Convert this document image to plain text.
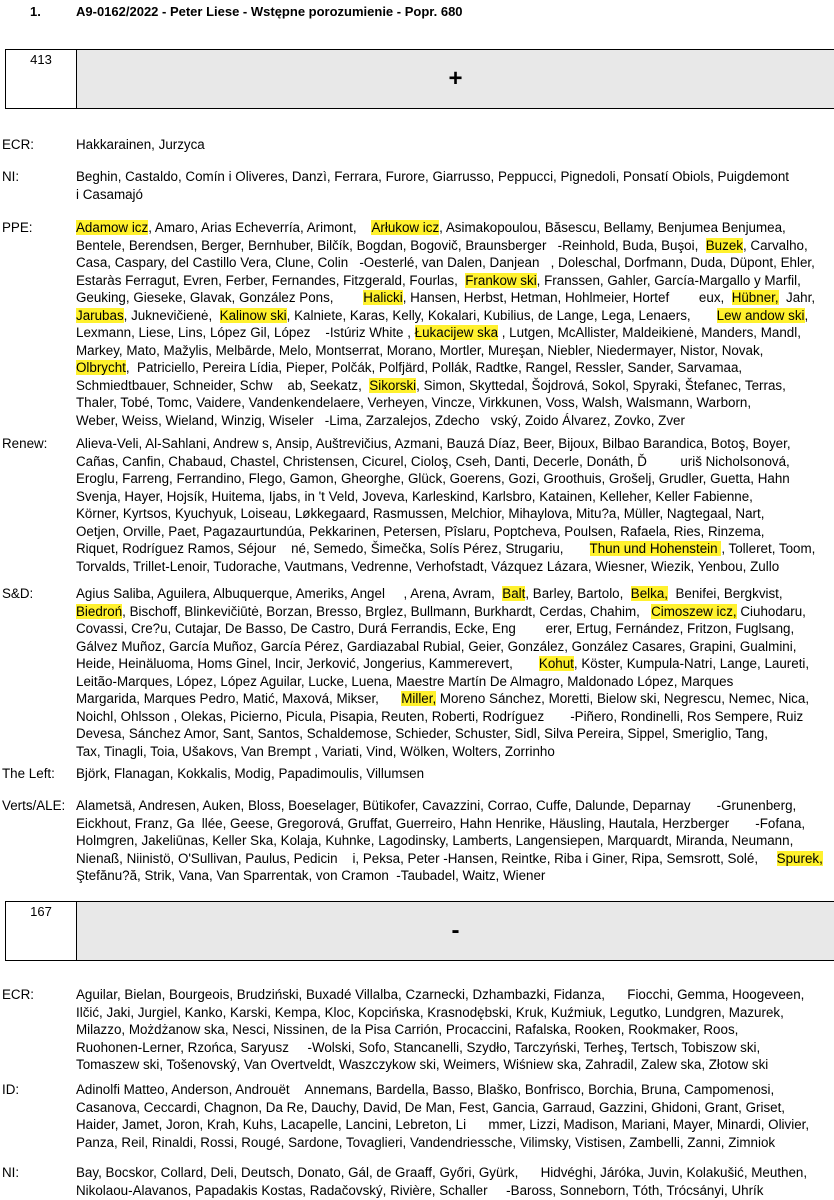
1.	A9-0162/2022 - Peter Liese - Wstępne porozumienie - Popr. 680
413
+
ECR:	Hakkarainen, Jurzyca
NI:	Beghin, Castaldo, Comín i Oliveres, Danzì, Ferrara, Furore, Giarrusso, Peppucci, Pignedoli, Ponsatí Obiols, Puigdemont
i Casamajó
PPE:	Adamow icz, Amaro, Arias Echeverría, Arimont,    Arłukow icz, Asimakopoulou, Băsescu, Bellamy, Benjumea Benjumea,
Bentele, Berendsen, Berger, Bernhuber, Bilčík, Bogdan, Bogovič, Braunsberger   -Reinhold, Buda, Buşoi,  Buzek, Carvalho,
Casa, Caspary, del Castillo Vera, Clune, Colin   -Oesterlé, van Dalen, Danjean   , Doleschal, Dorfmann, Duda, Düpont, Ehler,
Estaràs Ferragut, Evren, Ferber, Fernandes, Fitzgerald, Fourlas,  Frankow ski, Franssen, Gahler, García-Margallo y Marfil,
Geuking, Gieseke, Glavak, González Pons,        Halicki, Hansen, Herbst, Hetman, Hohlmeier, Hortef        eux,  Hübner,  Jahr,
Jarubas, Juknevičienė,  Kalinow ski, Kalniete, Karas, Kelly, Kokalari, Kubilius, de Lange, Lega, Lenaers,       Lew andow ski,
Lexmann, Liese, Lins, López Gil, López    -Istúriz White , Łukacijew ska , Lutgen, McAllister, Maldeikienė, Manders, Mandl,
Markey, Mato, Mažylis, Melbārde, Melo, Montserrat, Morano, Mortler, Mureşan, Niebler, Niedermayer, Nistor, Novak,
Olbrycht,  Patriciello, Pereira Lídia, Pieper, Polčák, Polfjärd, Pollák, Radtke, Rangel, Ressler, Sander, Sarvamaa,
Schmiedtbauer, Schneider, Schw    ab, Seekatz,  Sikorski, Simon, Skyttedal, Šojdrová, Sokol, Spyraki, Štefanec, Terras,
Thaler, Tobé, Tomc, Vaidere, Vandenkendelaere, Verheyen, Vincze, Virkkunen, Voss, Walsh, Walsmann, Warborn,
Weber, Weiss, Wieland, Winzig, Wiseler   -Lima, Zarzalejos, Zdecho   vský, Zoido Álvarez, Zovko, Zver
Renew:	Alieva-Veli, Al-Sahlani, Andrew s, Ansip, Auštrevičius, Azmani, Bauzá Díaz, Beer, Bijoux, Bilbao Barandica, Botoş, Boyer,
Cañas, Canfin, Chabaud, Chastel, Christensen, Cicurel, Cioloş, Cseh, Danti, Decerle, Donáth, Ď         uriš Nicholsonová,
Eroglu, Farreng, Ferrandino, Flego, Gamon, Gheorghe, Glück, Goerens, Gozi, Groothuis, Grošelj, Grudler, Guetta, Hahn
Svenja, Hayer, Hojsík, Huitema, Ijabs, in 't Veld, Joveva, Karleskind, Karlsbro, Katainen, Kelleher, Keller Fabienne,
Körner, Kyrtsos, Kyuchyuk, Loiseau, Løkkegaard, Rasmussen, Melchior, Mihaylova, Mitu?a, Müller, Nagtegaal, Nart,
Oetjen, Orville, Paet, Pagazaurtundúa, Pekkarinen, Petersen, Pîslaru, Poptcheva, Poulsen, Rafaela, Ries, Rinzema,
Riquet, Rodríguez Ramos, Séjour    né, Semedo, Šimečka, Solís Pérez, Strugariu,       Thun und Hohenstein , Tolleret, Toom,
Torvalds, Trillet-Lenoir, Tudorache, Vautmans, Vedrenne, Verhofstadt, Vázquez Lázara, Wiesner, Wiezik, Yenbou, Zullo
S&D:	Agius Saliba, Aguilera, Albuquerque, Ameriks, Angel     , Arena, Avram,  Balt, Barley, Bartolo,  Belka,  Benifei, Bergkvist,
Biedroń, Bischoff, Blinkevičiūtė, Borzan, Bresso, Brglez, Bullmann, Burkhardt, Cerdas, Chahim,   Cimoszew icz, Ciuhodaru,
Covassi, Cre?u, Cutajar, De Basso, De Castro, Durá Ferrandis, Ecke, Eng        erer, Ertug, Fernández, Fritzon, Fuglsang,
Gálvez Muñoz, García Muñoz, García Pérez, Gardiazabal Rubial, Geier, González, González Casares, Grapini, Gualmini,
Heide, Heinäluoma, Homs Ginel, Incir, Jerković, Jongerius, Kammerevert,       Kohut, Köster, Kumpula-Natri, Lange, Laureti,
Leitão-Marques, López, López Aguilar, Lucke, Luena, Maestre Martín De Almagro, Maldonado López, Marques
Margarida, Marques Pedro, Matić, Maxová, Mikser,      Miller, Moreno Sánchez, Moretti, Bielow ski, Negrescu, Nemec, Nica,
Noichl, Ohlsson , Olekas, Picierno, Picula, Pisapia, Reuten, Roberti, Rodríguez       -Piñero, Rondinelli, Ros Sempere, Ruiz
Devesa, Sánchez Amor, Sant, Santos, Schaldemose, Schieder, Schuster, Sidl, Silva Pereira, Sippel, Smeriglio, Tang,
Tax, Tinagli, Toia, Ušakovs, Van Brempt , Variati, Vind, Wölken, Wolters, Zorrinho
The Left:	Björk, Flanagan, Kokkalis, Modig, Papadimoulis, Villumsen
Verts/ALE: Alametsä, Andresen, Auken, Bloss, Boeselager, Bütikofer, Cavazzini, Corrao, Cuffe, Dalunde, Deparnay       -Grunenberg,
Eickhout, Franz, Ga  llée, Geese, Gregorová, Gruffat, Guerreiro, Hahn Henrike, Häusling, Hautala, Herzberger       -Fofana,
Holmgren, Jakeliūnas, Keller Ska, Kolaja, Kuhnke, Lagodinsky, Lamberts, Langensiepen, Marquardt, Miranda, Neumann,
Nienaß, Niinistö, O'Sullivan, Paulus, Pedicin    i, Peksa, Peter -Hansen, Reintke, Riba i Giner, Ripa, Semsrott, Solé,     Spurek,
Ştefănu?ă, Strik, Vana, Van Sparrentak, von Cramon  -Taubadel, Waitz, Wiener
167
-
ECR:	Aguilar, Bielan, Bourgeois, Brudziński, Buxadé Villalba, Czarnecki, Dzhambazki, Fidanza,      Fiocchi, Gemma, Hoogeveen,
Ilčić, Jaki, Jurgiel, Kanko, Karski, Kempa, Kloc, Kopcińska, Krasnodębski, Kruk, Kuźmiuk, Legutko, Lundgren, Mazurek,
Milazzo, Możdżanow ska, Nesci, Nissinen, de la Pisa Carrión, Procaccini, Rafalska, Rooken, Rookmaker, Roos,
Ruohonen-Lerner, Rzońca, Saryusz     -Wolski, Sofo, Stancanelli, Szydło, Tarczyński, Terheş, Tertsch, Tobiszow ski,
Tomaszew ski, Tošenovský, Van Overtveldt, Waszczykow ski, Weimers, Wiśniew ska, Zahradil, Zalew ska, Złotow ski
ID:	Adinolfi Matteo, Anderson, Androuët    Annemans, Bardella, Basso, Blaško, Bonfrisco, Borchia, Bruna, Campomenosi,
Casanova, Ceccardi, Chagnon, Da Re, Dauchy, David, De Man, Fest, Gancia, Garraud, Gazzini, Ghidoni, Grant, Griset,
Haider, Jamet, Joron, Krah, Kuhs, Lacapelle, Lancini, Lebreton, Li      mmer, Lizzi, Madison, Mariani, Mayer, Minardi, Olivier,
Panza, Reil, Rinaldi, Rossi, Rougé, Sardone, Tovaglieri, Vandendriessche, Vilimsky, Vistisen, Zambelli, Zanni, Zimniok
NI:	Bay, Bocskor, Collard, Deli, Deutsch, Donato, Gál, de Graaff, Győri, Gyürk,      Hidvéghi, Járóka, Juvin, Kolakušić, Meuthen,
Nikolaou-Alavanos, Papadakis Kostas, Radačovský, Rivière, Schaller     -Baross, Sonneborn, Tóth, Trócsányi, Uhrík
